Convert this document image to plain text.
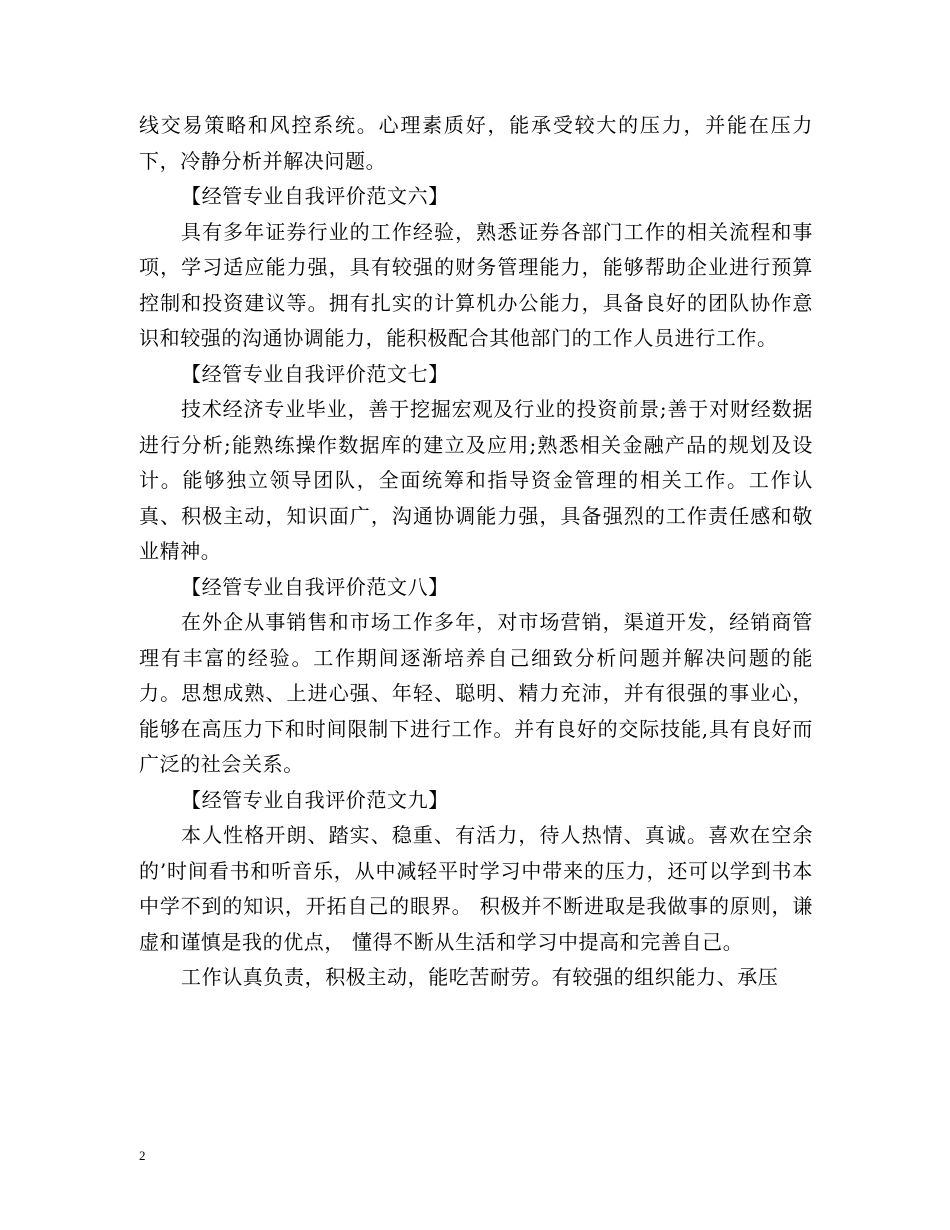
线交易策略和风控系统。心理素质好，能承受较大的压力，并能在压力下，冷静分析并解决问题。

【经管专业自我评价范文六】

具有多年证券行业的工作经验，熟悉证券各部门工作的相关流程和事项，学习适应能力强，具有较强的财务管理能力，能够帮助企业进行预算控制和投资建议等。拥有扎实的计算机办公能力，具备良好的团队协作意识和较强的沟通协调能力，能积极配合其他部门的工作人员进行工作。

【经管专业自我评价范文七】

技术经济专业毕业，善于挖掘宏观及行业的投资前景;善于对财经数据进行分析;能熟练操作数据库的建立及应用;熟悉相关金融产品的规划及设计。能够独立领导团队，全面统筹和指导资金管理的相关工作。工作认真、积极主动，知识面广，沟通协调能力强，具备强烈的工作责任感和敬业精神。

【经管专业自我评价范文八】

在外企从事销售和市场工作多年，对市场营销，渠道开发，经销商管理有丰富的经验。工作期间逐渐培养自己细致分析问题并解决问题的能力。思想成熟、上进心强、年轻、聪明、精力充沛，并有很强的事业心，能够在高压力下和时间限制下进行工作。并有良好的交际技能,具有良好而广泛的社会关系。

【经管专业自我评价范文九】

本人性格开朗、踏实、稳重、有活力，待人热情、真诚。喜欢在空余的’时间看书和听音乐，从中减轻平时学习中带来的压力，还可以学到书本中学不到的知识，开拓自己的眼界。 积极并不断进取是我做事的原则，谦虚和谨慎是我的优点， 懂得不断从生活和学习中提高和完善自己。

工作认真负责，积极主动，能吃苦耐劳。有较强的组织能力、承压

2
